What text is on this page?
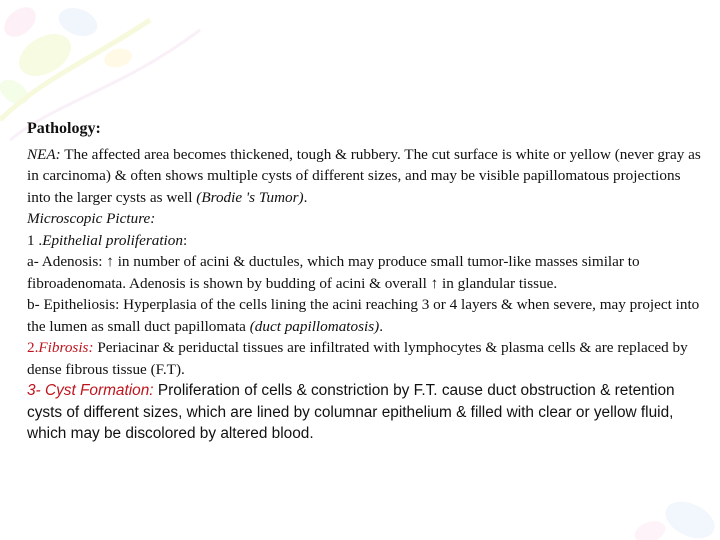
Pathology:

NEA: The affected area becomes thickened, tough & rubbery. The cut surface is white or yellow (never gray as in carcinoma) & often shows multiple cysts of different sizes, and may be visible papillomatous projections into the larger cysts as well (Brodie 's Tumor).

Microscopic Picture:

1 .Epithelial proliferation:

a- Adenosis: ↑ in number of acini & ductules, which may produce small tumor-like masses similar to fibroadenomata. Adenosis is shown by budding of acini & overall ↑ in glandular tissue.

b- Epitheliosis: Hyperplasia of the cells lining the acini reaching 3 or 4 layers & when severe, may project into the lumen as small duct papillomata (duct papillomatosis).

2.Fibrosis: Periacinar & periductal tissues are infiltrated with lymphocytes & plasma cells & are replaced by dense fibrous tissue (F.T).

3- Cyst Formation: Proliferation of cells & constriction by F.T. cause duct obstruction & retention cysts of different sizes, which are lined by columnar epithelium & filled with clear or yellow fluid, which may be discolored by altered blood.
